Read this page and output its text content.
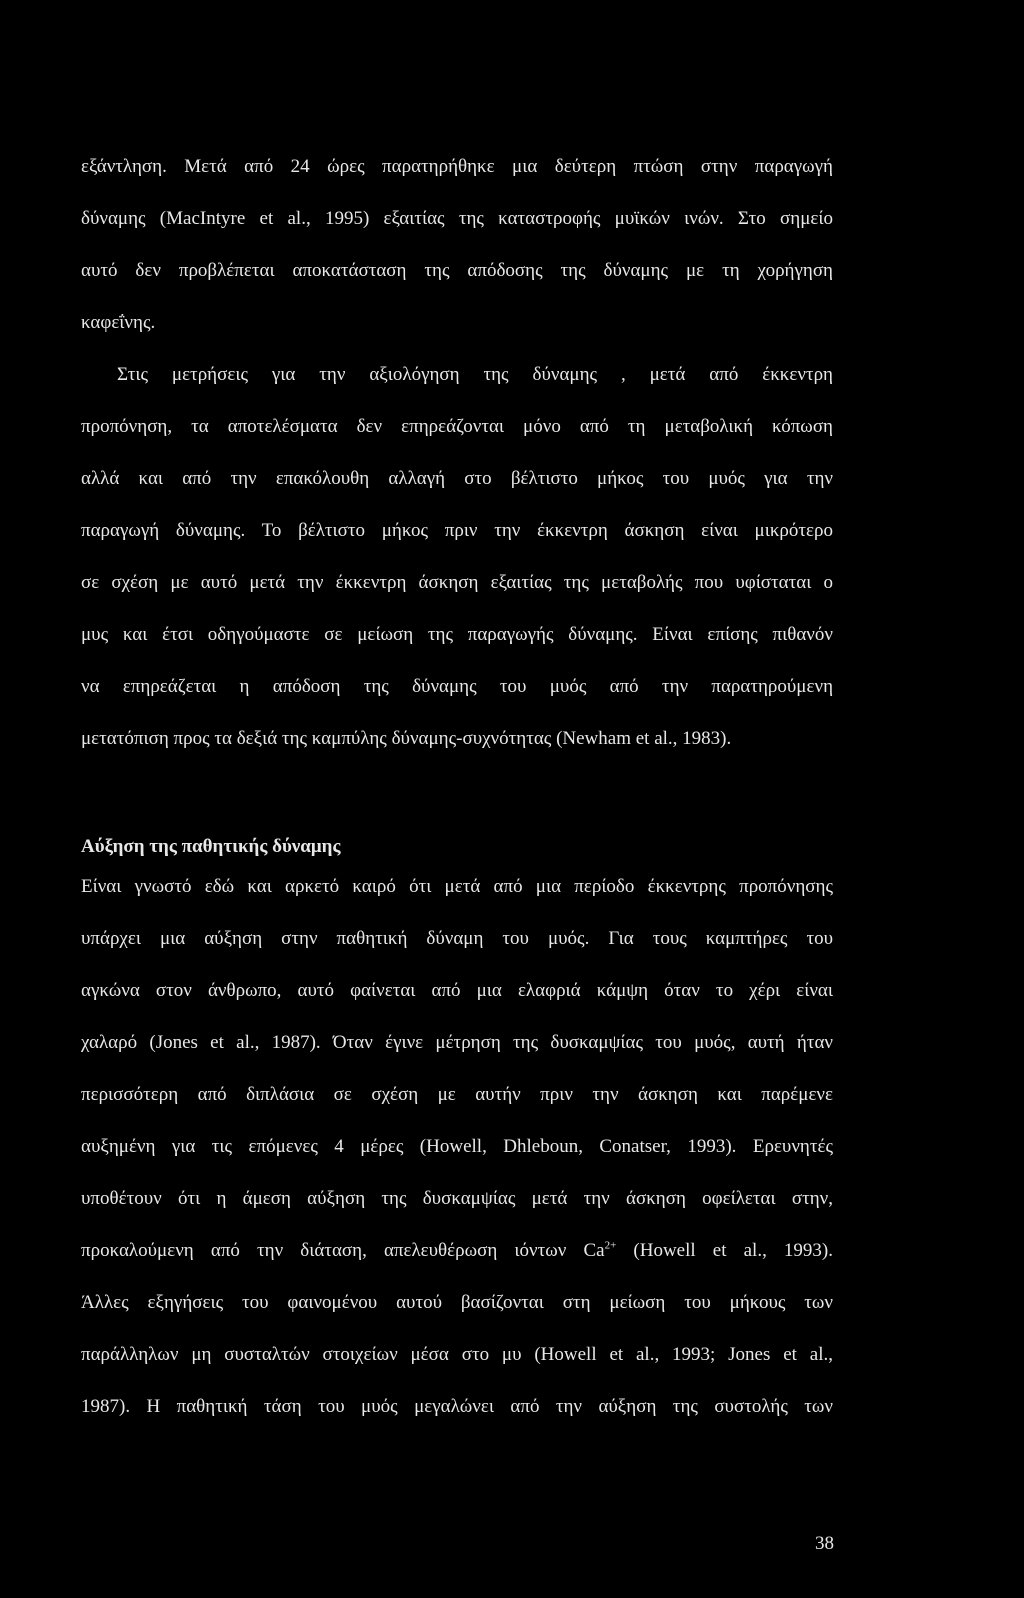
εξάντληση. Μετά από 24 ώρες παρατηρήθηκε μια δεύτερη πτώση στην παραγωγή
δύναμης (MacIntyre et al., 1995) εξαιτίας της καταστροφής μυϊκών ινών. Στο σημείο
αυτό δεν προβλέπεται αποκατάσταση της απόδοσης της δύναμης με τη χορήγηση
καφεΐνης.
Στις μετρήσεις για την αξιολόγηση της δύναμης , μετά από έκκεντρη
προπόνηση, τα αποτελέσματα δεν επηρεάζονται μόνο από τη μεταβολική κόπωση
αλλά και από την επακόλουθη αλλαγή στο βέλτιστο μήκος του μυός για την
παραγωγή δύναμης. Το βέλτιστο μήκος πριν την έκκεντρη άσκηση είναι μικρότερο
σε σχέση με αυτό μετά την έκκεντρη άσκηση εξαιτίας της μεταβολής που υφίσταται ο
μυς και έτσι οδηγούμαστε σε μείωση της παραγωγής δύναμης. Είναι επίσης πιθανόν
να επηρεάζεται η απόδοση της δύναμης του μυός από την παρατηρούμενη
μετατόπιση προς τα δεξιά της καμπύλης δύναμης-συχνότητας (Newham et al., 1983).
Αύξηση της παθητικής δύναμης
Είναι γνωστό εδώ και αρκετό καιρό ότι μετά από μια περίοδο έκκεντρης προπόνησης
υπάρχει μια αύξηση στην παθητική δύναμη του μυός. Για τους καμπτήρες του
αγκώνα στον άνθρωπο, αυτό φαίνεται από μια ελαφριά κάμψη όταν το χέρι είναι
χαλαρό (Jones et al., 1987). Όταν έγινε μέτρηση της δυσκαμψίας του μυός, αυτή ήταν
περισσότερη από διπλάσια σε σχέση με αυτήν πριν την άσκηση και παρέμενε
αυξημένη για τις επόμενες 4 μέρες (Howell, Dhleboun, Conatser, 1993). Ερευνητές
υποθέτουν ότι η άμεση αύξηση της δυσκαμψίας μετά την άσκηση οφείλεται στην,
προκαλούμενη από την διάταση, απελευθέρωση ιόντων $Ca^{2+}$ (Howell et al., 1993).
Άλλες εξηγήσεις του φαινομένου αυτού βασίζονται στη μείωση του μήκους των
παράλληλων μη συσταλτών στοιχείων μέσα στο μυ (Howell et al., 1993; Jones et al.,
1987). Η παθητική τάση του μυός μεγαλώνει από την αύξηση της συστολής των
38
